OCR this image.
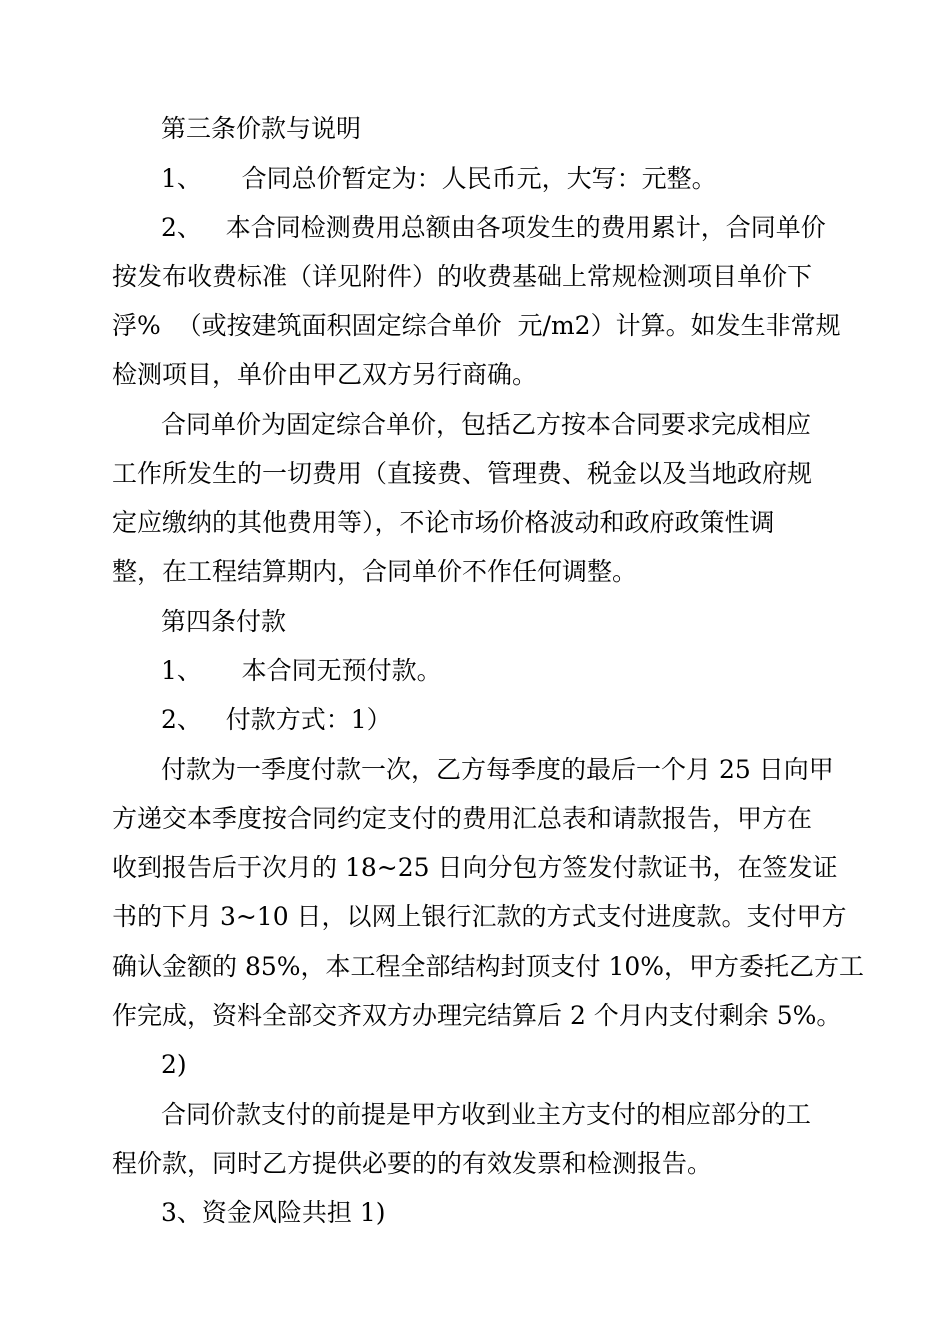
第三条价款与说明
1、     合同总价暂定为：人民币元，大写：元整。
2、   本合同检测费用总额由各项发生的费用累计，合同单价
按发布收费标准（详见附件）的收费基础上常规检测项目单价下
浮%  （或按建筑面积固定综合单价  元/m2）计算。如发生非常规
检测项目，单价由甲乙双方另行商确。
合同单价为固定综合单价，包括乙方按本合同要求完成相应
工作所发生的一切费用（直接费、管理费、税金以及当地政府规
定应缴纳的其他费用等），不论市场价格波动和政府政策性调
整，在工程结算期内，合同单价不作任何调整。
第四条付款
1、     本合同无预付款。
2、   付款方式：1）
付款为一季度付款一次，乙方每季度的最后一个月 25 日向甲
方递交本季度按合同约定支付的费用汇总表和请款报告，甲方在
收到报告后于次月的 18~25 日向分包方签发付款证书，在签发证
书的下月 3~10 日，以网上银行汇款的方式支付进度款。支付甲方
确认金额的 85%，本工程全部结构封顶支付 10%，甲方委托乙方工
作完成，资料全部交齐双方办理完结算后 2 个月内支付剩余 5%。
2)
合同价款支付的前提是甲方收到业主方支付的相应部分的工
程价款，同时乙方提供必要的的有效发票和检测报告。
3、资金风险共担 1)
